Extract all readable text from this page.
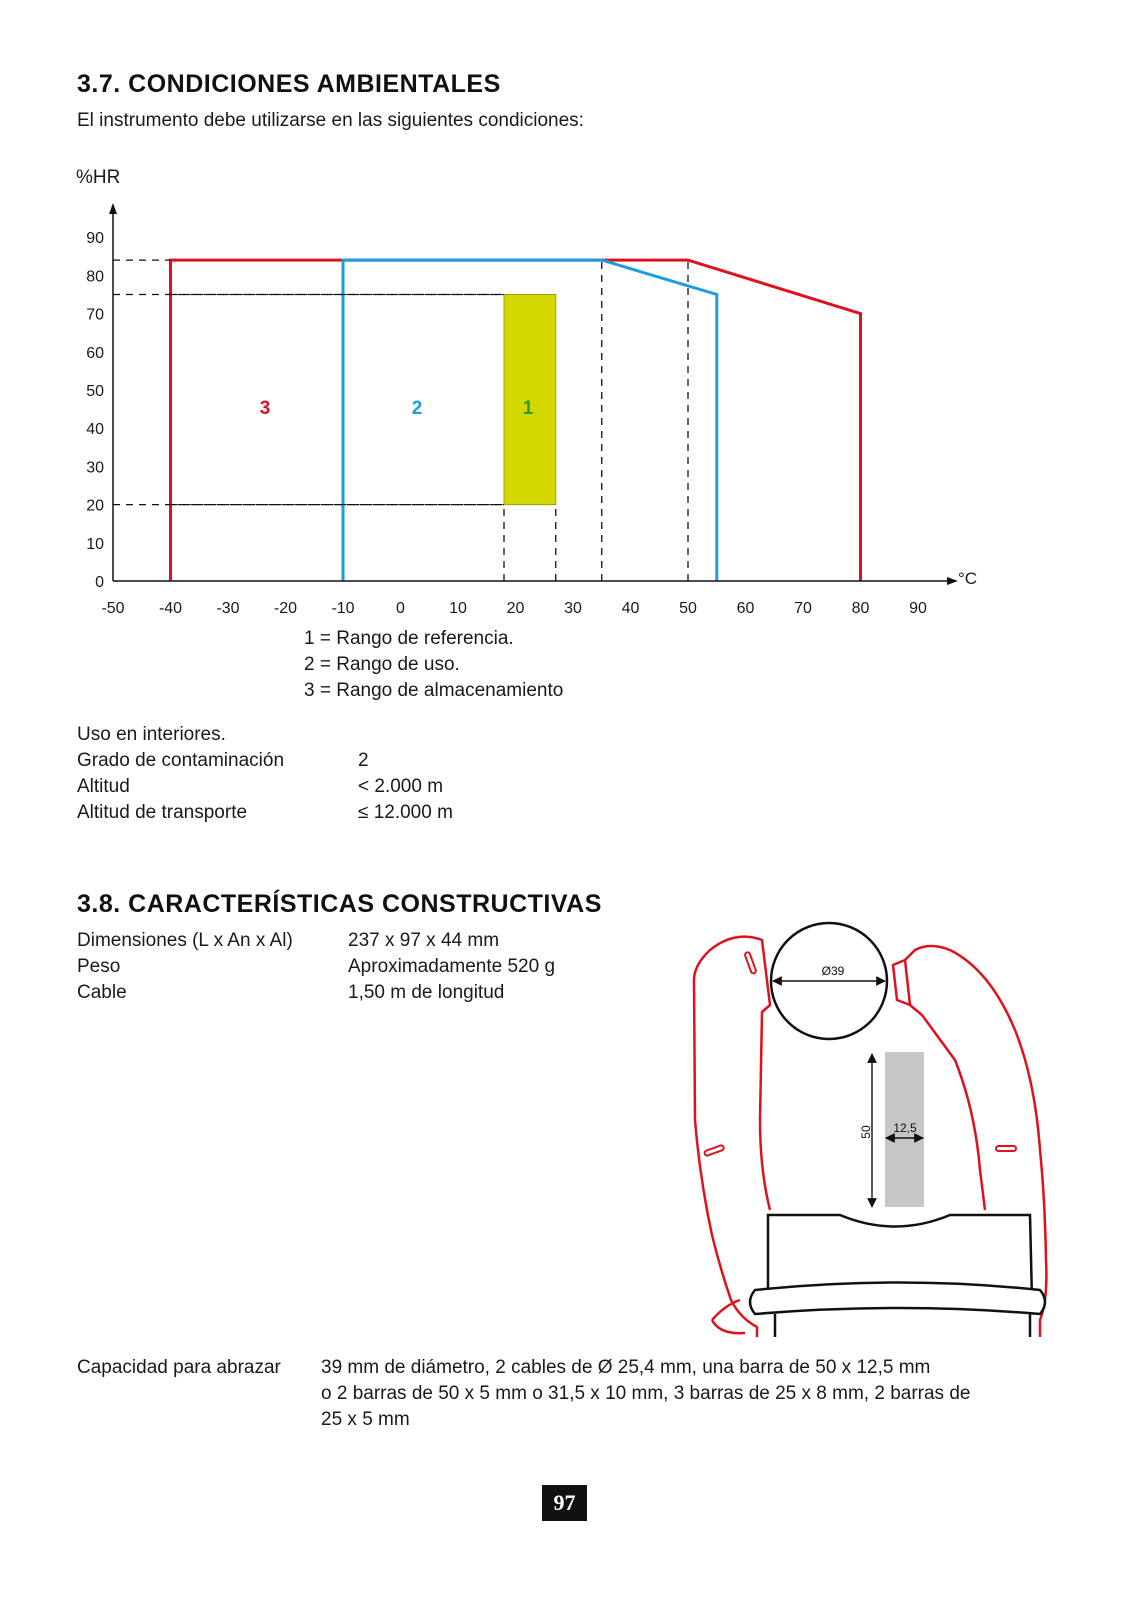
3.7. CONDICIONES AMBIENTALES
El instrumento debe utilizarse en las siguientes condiciones:
%HR
°C
0
10
20
30
40
50
60
70
80
90
-50 -40 -30 -20 -10	0	10 20 30 40 50 60 70 80 90
3	2	1
1 = Rango de referencia.
2 = Rango de uso.
3 = Rango de almacenamiento
Uso en interiores.
Grado de contaminación	2
Altitud	< 2.000 m
Altitud de transporte	≤ 12.000 m
3.8. CARACTERÍSTICAS CONSTRUCTIVAS
Dimensiones (L x An x Al)	237 x 97 x 44 mm
Peso	Aproximadamente 520 g
Cable	1,50 m de longitud
Ø39
50 12,5
Capacidad para abrazar 39 mm de diámetro, 2 cables de Ø 25,4 mm, una barra de 50 x 12,5 mm
o 2 barras de 50 x 5 mm o 31,5 x 10 mm, 3 barras de 25 x 8 mm, 2 barras de
25 x 5 mm
97
